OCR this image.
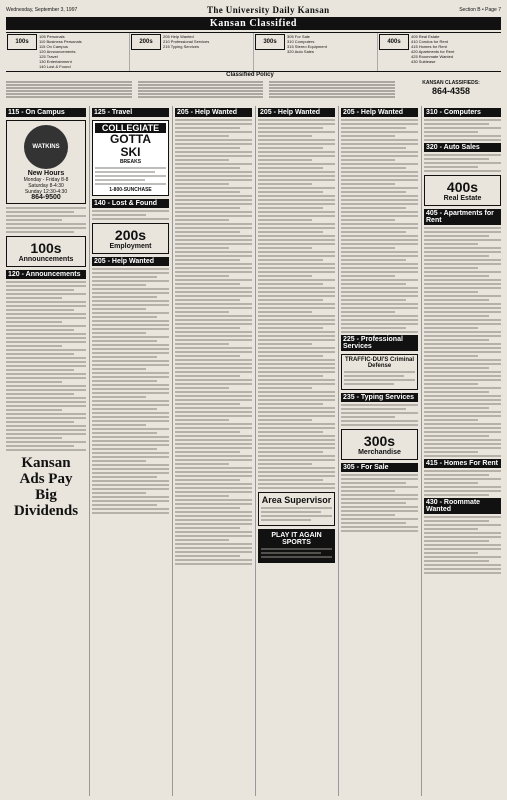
Wednesday, September 3, 1997	The University Daily Kansan	Section B • Page 7
Kansan Classified
100s
105 Personals
110 Business Personals
115 On Campus
120 Announcements
125 Travel
130 Entertainment
140 Lost & Found
200s
205 Help Wanted
210 Professional Services
215 Typing Services
300s
305 For Sale
310 Computers
315 Stereo Equipment
320 Auto Sales
400s
405 Real Estate
410 Condos for Rent
415 Homes for Rent
420 Apartments for Rent
425 Roommate Wanted
430 Sublease
Classified Policy
KANSAN CLASSIFIEDS:
864-4358
115 - On Campus
WATKINS
New Hours
Monday - Friday 8-8
Saturday 8-4:30
Sunday 12:30-4:30
864-9500
100s
Announcements
120 - Announcements
Kansan
Ads Pay
Big Dividends
125 - Travel
COLLEGIATE
GOTTA
SKI
BREAKS
1-800-SUNCHASE
140 - Lost & Found
200s
Employment
205 - Help Wanted
205 - Help Wanted	205 - Help Wanted
Area Supervisor
PLAY IT AGAIN SPORTS
205 - Help Wanted
225 - Professional Services
TRAFFIC-DUI'S Criminal Defense
235 - Typing Services
300s
Merchandise
305 - For Sale
310 - Computers
320 - Auto Sales
400s
Real Estate
405 - Apartments for Rent
415 - Homes For Rent
430 - Roommate Wanted
